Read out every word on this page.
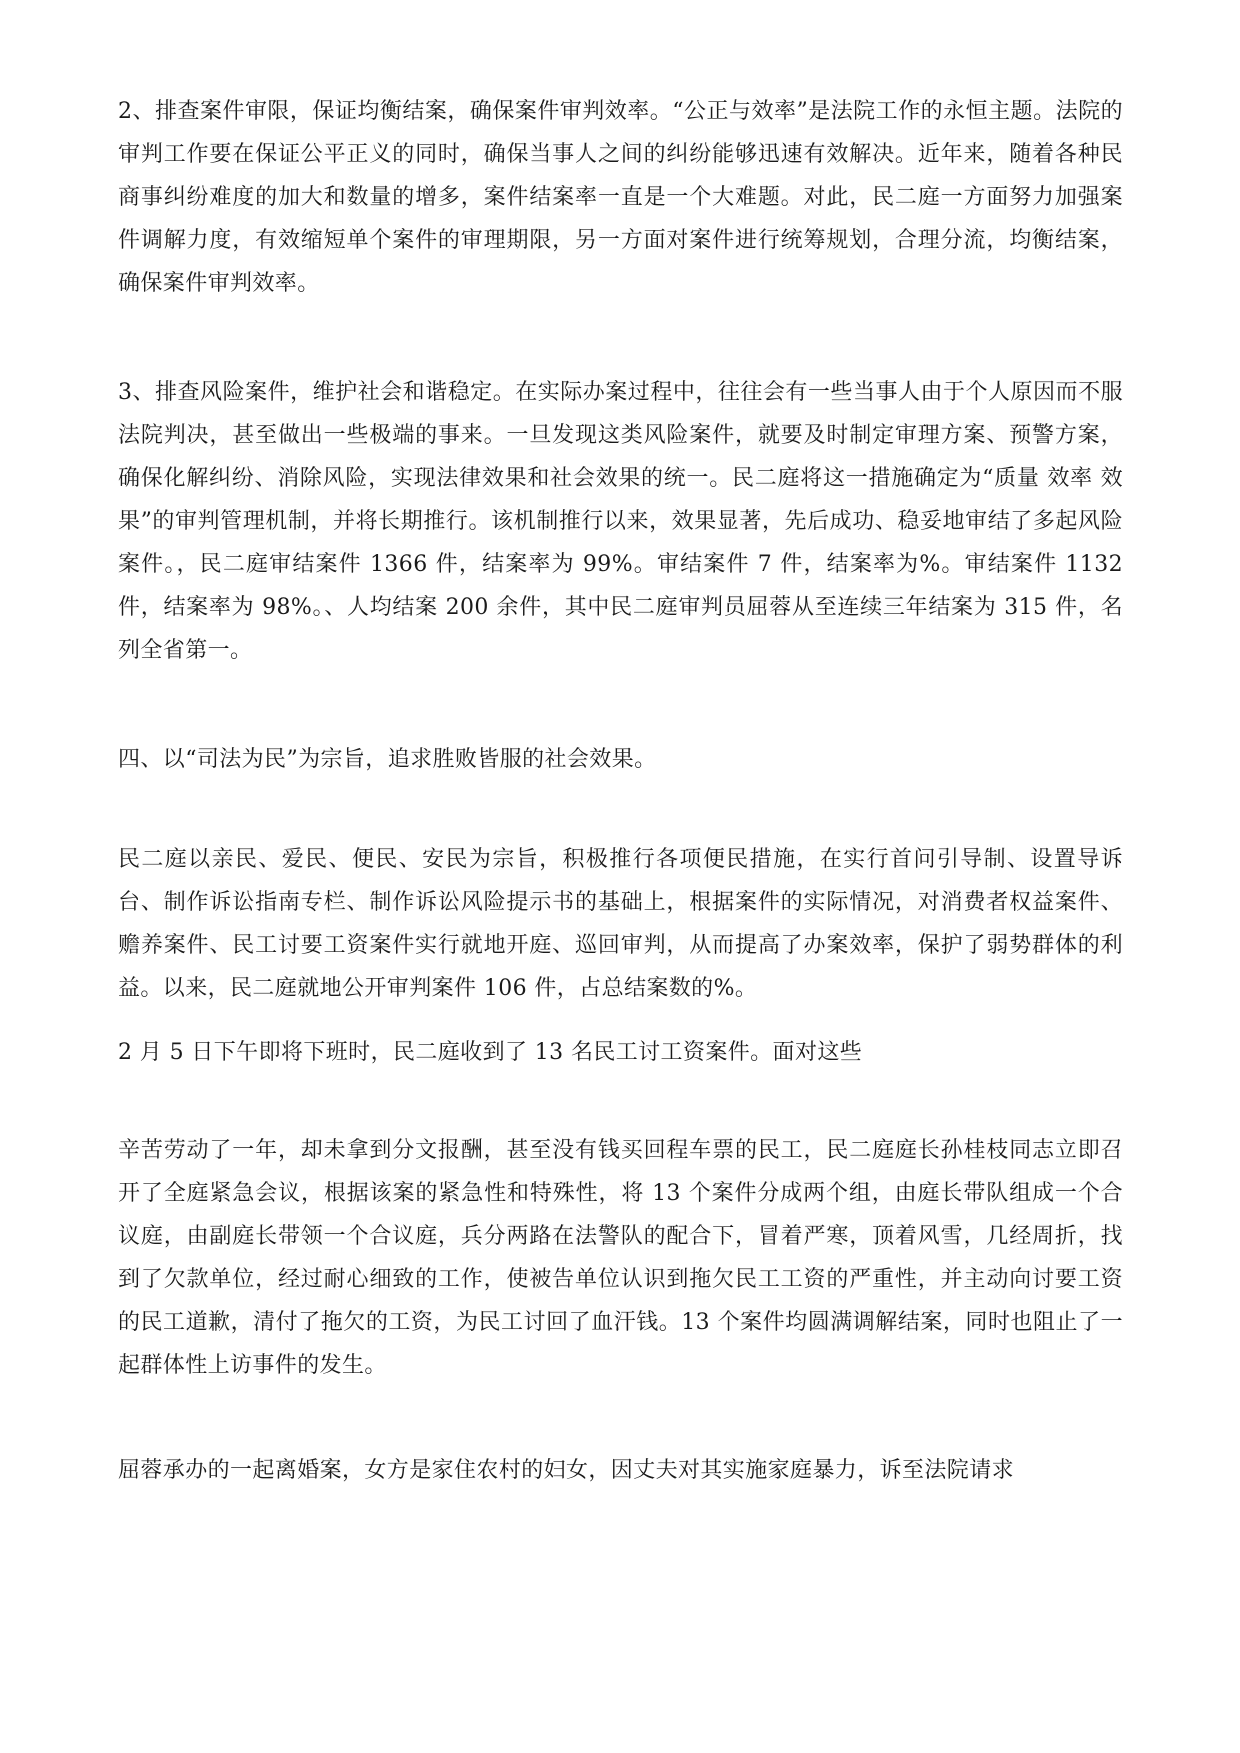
2、排查案件审限，保证均衡结案，确保案件审判效率。“公正与效率”是法院工作的永恒主题。法院的审判工作要在保证公平正义的同时，确保当事人之间的纠纷能够迅速有效解决。近年来，随着各种民商事纠纷难度的加大和数量的增多，案件结案率一直是一个大难题。对此，民二庭一方面努力加强案件调解力度，有效缩短单个案件的审理期限，另一方面对案件进行统筹规划，合理分流，均衡结案，确保案件审判效率。

3、排查风险案件，维护社会和谐稳定。在实际办案过程中，往往会有一些当事人由于个人原因而不服法院判决，甚至做出一些极端的事来。一旦发现这类风险案件，就要及时制定审理方案、预警方案，确保化解纠纷、消除风险，实现法律效果和社会效果的统一。民二庭将这一措施确定为“质量 效率 效果”的审判管理机制，并将长期推行。该机制推行以来，效果显著，先后成功、稳妥地审结了多起风险案件。，民二庭审结案件 1366 件，结案率为 99%。审结案件 7 件，结案率为%。审结案件 1132 件，结案率为 98%。、人均结案 200 余件，其中民二庭审判员屈蓉从至连续三年结案为 315 件，名列全省第一。

四、以“司法为民”为宗旨，追求胜败皆服的社会效果。

民二庭以亲民、爱民、便民、安民为宗旨，积极推行各项便民措施，在实行首问引导制、设置导诉台、制作诉讼指南专栏、制作诉讼风险提示书的基础上，根据案件的实际情况，对消费者权益案件、赡养案件、民工讨要工资案件实行就地开庭、巡回审判，从而提高了办案效率，保护了弱势群体的利益。以来，民二庭就地公开审判案件 106 件，占总结案数的%。

2 月 5 日下午即将下班时，民二庭收到了 13 名民工讨工资案件。面对这些

辛苦劳动了一年，却未拿到分文报酬，甚至没有钱买回程车票的民工，民二庭庭长孙桂枝同志立即召开了全庭紧急会议，根据该案的紧急性和特殊性，将 13 个案件分成两个组，由庭长带队组成一个合议庭，由副庭长带领一个合议庭，兵分两路在法警队的配合下，冒着严寒，顶着风雪，几经周折，找到了欠款单位，经过耐心细致的工作，使被告单位认识到拖欠民工工资的严重性，并主动向讨要工资的民工道歉，清付了拖欠的工资，为民工讨回了血汗钱。13 个案件均圆满调解结案，同时也阻止了一起群体性上访事件的发生。

屈蓉承办的一起离婚案，女方是家住农村的妇女，因丈夫对其实施家庭暴力，诉至法院请求
